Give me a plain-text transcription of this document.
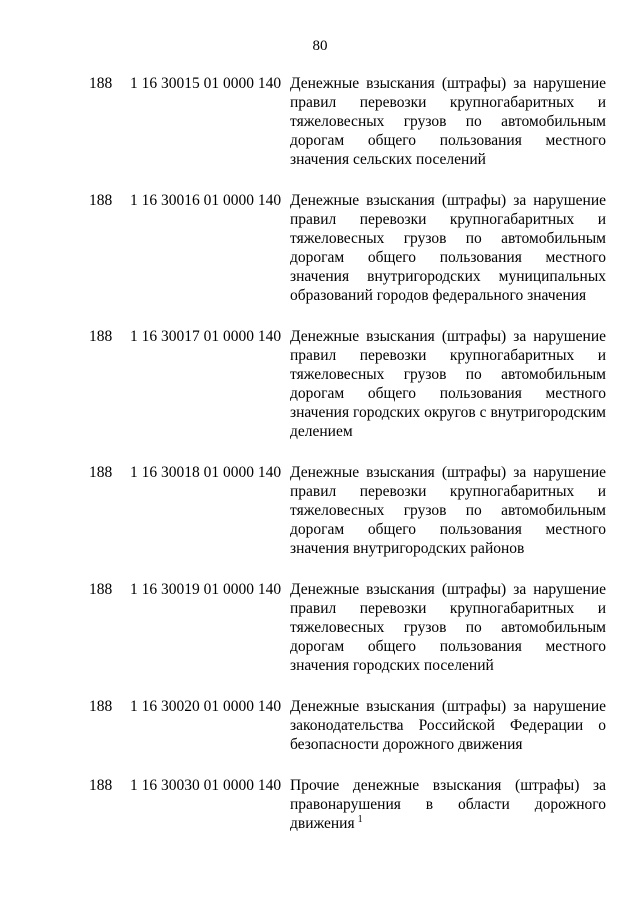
80
188 1 16 30015 01 0000 140 Денежные взыскания (штрафы) за нарушение правил перевозки крупногабаритных и тяжеловесных грузов по автомобильным дорогам общего пользования местного значения сельских поселений
188 1 16 30016 01 0000 140 Денежные взыскания (штрафы) за нарушение правил перевозки крупногабаритных и тяжеловесных грузов по автомобильным дорогам общего пользования местного значения внутригородских муниципальных образований городов федерального значения
188 1 16 30017 01 0000 140 Денежные взыскания (штрафы) за нарушение правил перевозки крупногабаритных и тяжеловесных грузов по автомобильным дорогам общего пользования местного значения городских округов с внутригородским делением
188 1 16 30018 01 0000 140 Денежные взыскания (штрафы) за нарушение правил перевозки крупногабаритных и тяжеловесных грузов по автомобильным дорогам общего пользования местного значения внутригородских районов
188 1 16 30019 01 0000 140 Денежные взыскания (штрафы) за нарушение правил перевозки крупногабаритных и тяжеловесных грузов по автомобильным дорогам общего пользования местного значения городских поселений
188 1 16 30020 01 0000 140 Денежные взыскания (штрафы) за нарушение законодательства Российской Федерации о безопасности дорожного движения
188 1 16 30030 01 0000 140 Прочие денежные взыскания (штрафы) за правонарушения в области дорожного движения $^1$
